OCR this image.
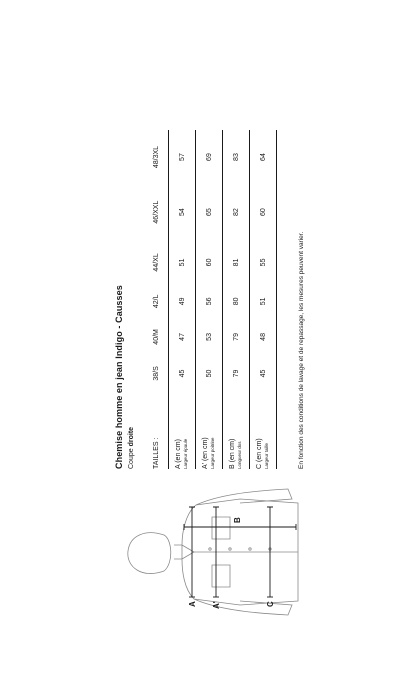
A A'
B
C
Chemise homme en jean Indigo - Causses Coupe droite
TAILLES :	38/S	40/M	42/L	44/XL	46/XXL	48/3XL

A (en cm) Largeur épaule	45	47	49	51	54	57

A' (en cm) Largeur poitrine	50	53	56	60	65	69

B (en cm) Longueur dos	79	79	80	81	82	83

C (en cm) Largeur taille	45	48	51	55	60	64
En fonction des conditions de lavage et de repassage, les mesures peuvent varier.
